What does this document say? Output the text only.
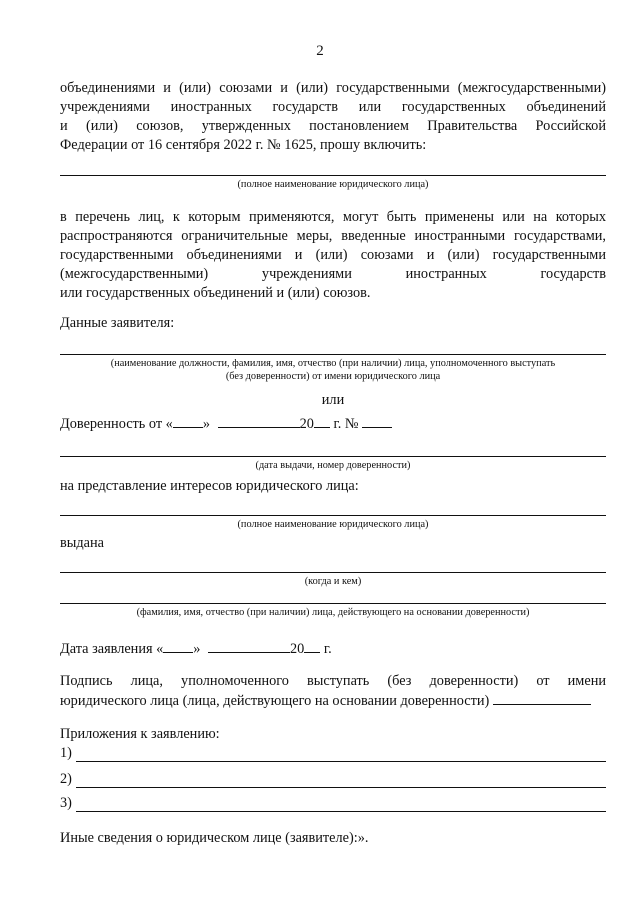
2
объединениями и (или) союзами и (или) государственными (межгосударственными)
учреждениями иностранных государств или государственных объединений
и (или) союзов, утвержденных постановлением Правительства Российской
Федерации от 16 сентября 2022 г. № 1625, прошу включить:
(полное наименование юридического лица)
в перечень лиц, к которым применяются, могут быть применены или на которых
распространяются ограничительные меры, введенные иностранными государствами,
государственными объединениями и (или) союзами и (или) государственными
(межгосударственными) учреждениями иностранных государств
или государственных объединений и (или) союзов.
Данные заявителя:
(наименование должности, фамилия, имя, отчество (при наличии) лица, уполномоченного выступать
(без доверенности) от имени юридического лица
или
Доверенность от « »	20 г. №
(дата выдачи, номер доверенности)
на представление интересов юридического лица:
(полное наименование юридического лица)
выдана
(когда и кем)
(фамилия, имя, отчество (при наличии) лица, действующего на основании доверенности)
Дата заявления « »	20 г.
Подпись лица, уполномоченного выступать (без доверенности) от имени
юридического лица (лица, действующего на основании доверенности)
Приложения к заявлению:
1)
2)
3)
Иные сведения о юридическом лице (заявителе):».
